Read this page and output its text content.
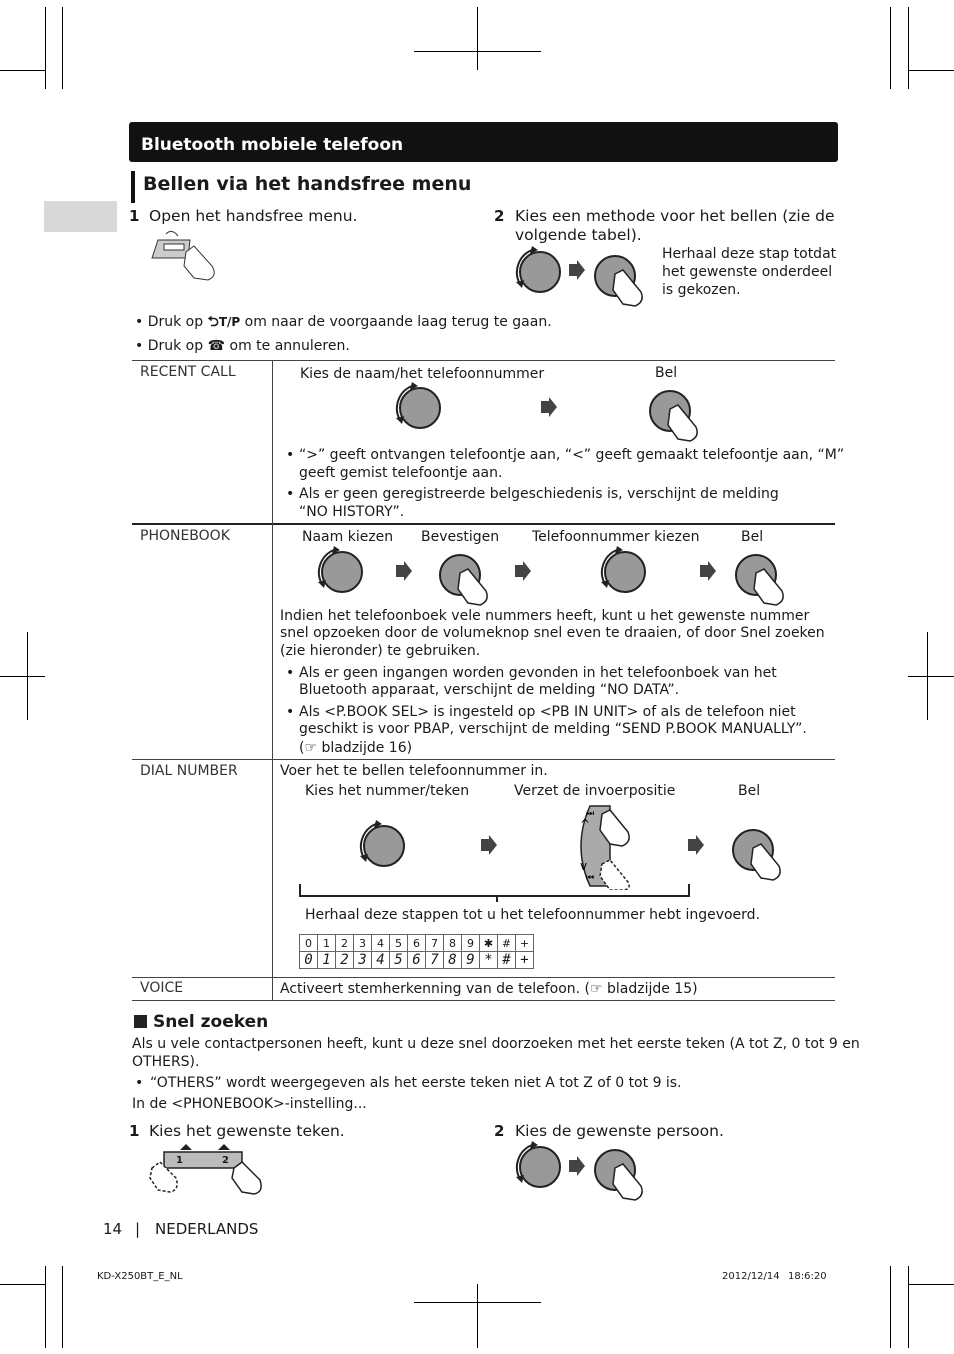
Bluetooth mobiele telefoon
Bellen via het handsfree menu
1 Open het handsfree menu.	2 Kies een methode voor het bellen (zie de
volgende tabel).
Herhaal deze stap totdat
het gewenste onderdeel
is gekozen.
• Druk op ⮌T/P om naar de voorgaande laag terug te gaan.
• Druk op ☎ om te annuleren.
RECENT CALL	Kies de naam/het telefoonnummer	Bel
• “>” geeft ontvangen telefoontje aan, “<” geeft gemaakt telefoontje aan, “M”
geeft gemist telefoontje aan.
• Als er geen geregistreerde belgeschiedenis is, verschijnt de melding
“NO HISTORY”.
PHONEBOOK	Naam kiezen Bevestigen Telefoonnummer kiezen	Bel
Indien het telefoonboek vele nummers heeft, kunt u het gewenste nummer
snel opzoeken door de volumeknop snel even te draaien, of door Snel zoeken
(zie hieronder) te gebruiken.
• Als er geen ingangen worden gevonden in het telefoonboek van het
Bluetooth apparaat, verschijnt de melding “NO DATA”.
• Als <P.BOOK SEL> is ingesteld op <PB IN UNIT> of als de telefoon niet
geschikt is voor PBAP, verschijnt de melding “SEND P.BOOK MANUALLY”.
(☞ bladzijde 16)
DIAL NUMBER	Voer het te bellen telefoonnummer in.
Kies het nummer/teken	Verzet de invoerpositie	Bel
⏭
^
v
⏮
Herhaal deze stappen tot u het telefoonnummer hebt ingevoerd.
0	1	2	3	4	5	6	7	8	9	✱	#	+
0	1	2	3	4	5	6	7	8	9	*	#	+
VOICE	Activeert stemherkenning van de telefoon. (☞ bladzijde 15)
Snel zoeken
Als u vele contactpersonen heeft, kunt u deze snel doorzoeken met het eerste teken (A tot Z, 0 tot 9 en
OTHERS).
• “OTHERS” wordt weergegeven als het eerste teken niet A tot Z of 0 tot 9 is.
In de <PHONEBOOK>-instelling...
1 Kies het gewenste teken.	2 Kies de gewenste persoon.
1	2
14 | NEDERLANDS
KD-X250BT_E_NL	2012/12/14 18:6:20
